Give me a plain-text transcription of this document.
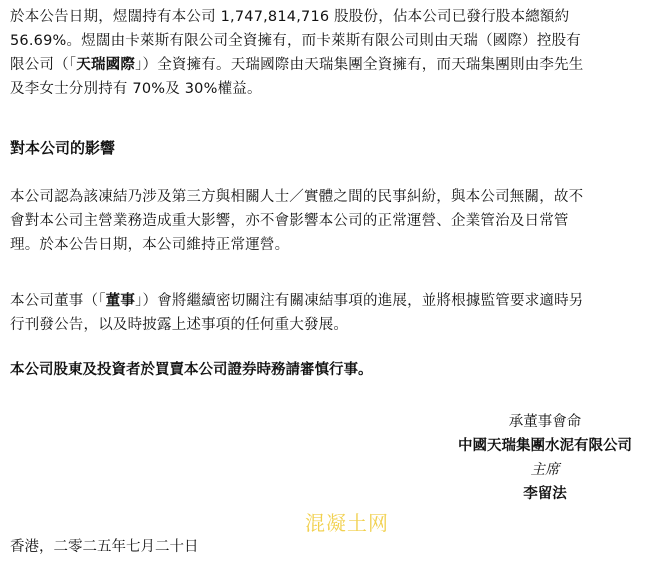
於本公告日期，煜闊持有本公司 1,747,814,716 股股份，佔本公司已發行股本總額約
56.69%。煜闊由卡萊斯有限公司全資擁有，而卡萊斯有限公司則由天瑞（國際）控股有
限公司（「天瑞國際」）全資擁有。天瑞國際由天瑞集團全資擁有，而天瑞集團則由李先生
及李女士分別持有 70%及 30%權益。

對本公司的影響

本公司認為該凍結乃涉及第三方與相關人士／實體之間的民事糾紛，與本公司無關，故不
會對本公司主營業務造成重大影響，亦不會影響本公司的正常運營、企業管治及日常管
理。於本公告日期，本公司維持正常運營。

本公司董事（「董事」）會將繼續密切關注有關凍結事項的進展，並將根據監管要求適時另
行刊發公告，以及時披露上述事項的任何重大發展。

本公司股東及投資者於買賣本公司證券時務請審慎行事。

承董事會命
中國天瑞集團水泥有限公司
主席
李留法

香港，二零二五年七月二十日

混凝土网
